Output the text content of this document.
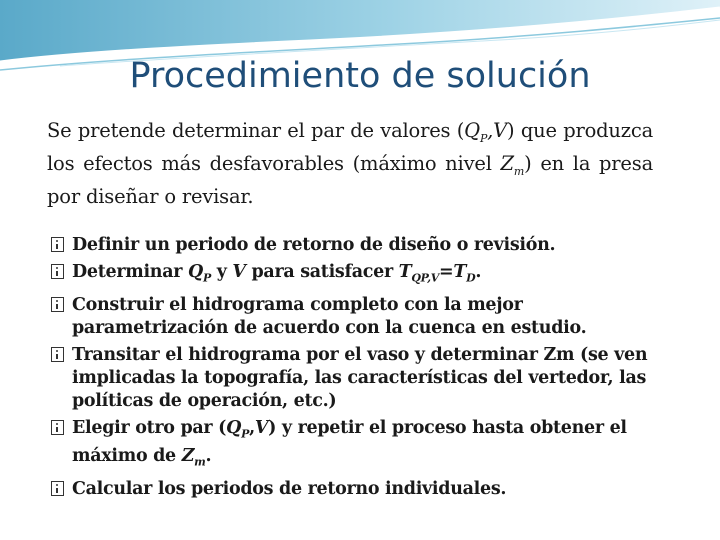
Procedimiento de solución
Se pretende determinar el par de valores $(Q_P,V)$ que produzca los efectos más desfavorables (máximo nivel $Z_m$) en la presa por diseñar o revisar.
Definir un periodo de retorno de diseño o revisión.
Determinar $Q_P$ y V para satisfacer $T_{QP,V}=T_D$.
Construir el hidrograma completo con la mejor parametrización de acuerdo con la cuenca en estudio.
Transitar el hidrograma por el vaso y determinar Zm (se ven implicadas la topografía, las características del vertedor, las políticas de operación, etc.)
Elegir otro par $(Q_P,V)$ y repetir el proceso hasta obtener el máximo de $Z_m$.
Calcular los periodos de retorno individuales.
